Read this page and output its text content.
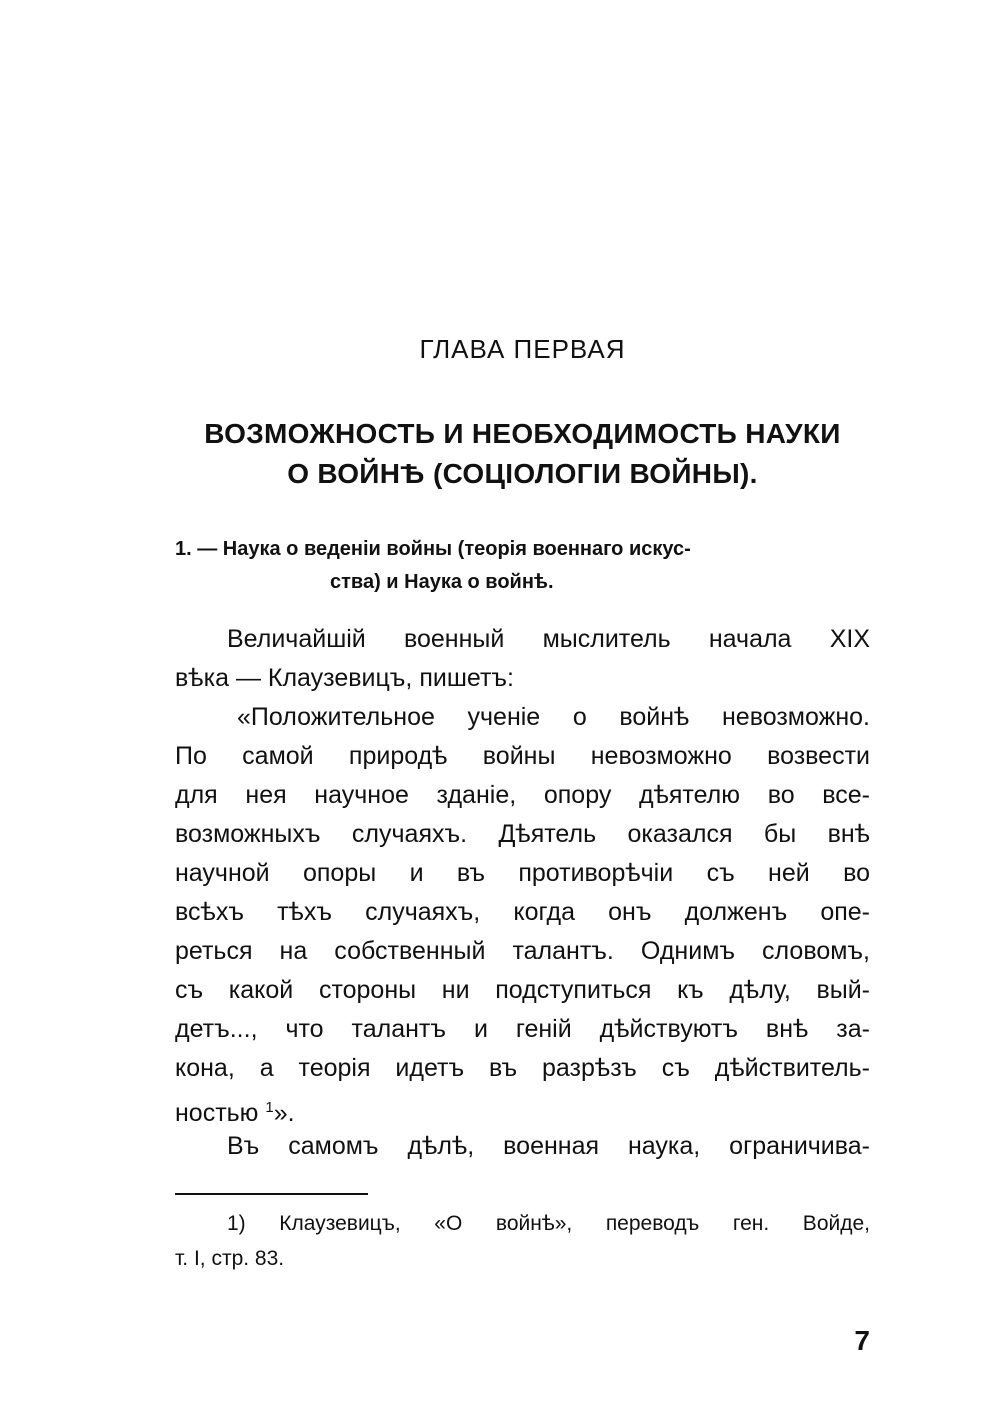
ГЛАВА ПЕРВАЯ
ВОЗМОЖНОСТЬ И НЕОБХОДИМОСТЬ НАУКИ
О ВОЙНѢ (СОЦІОЛОГІИ ВОЙНЫ).
1. — Наука о веденіи войны (теорія военнаго искус-
ства) и Наука о войнѣ.
Величайшій военный мыслитель начала XIX
вѣка — Клаузевицъ, пишетъ:
«Положительное ученіе о войнѣ невозможно.
По самой природѣ войны невозможно возвести
для нея научное зданіе, опору дѣятелю во все-
возможныхъ случаяхъ. Дѣятель оказался бы внѣ
научной опоры и въ противорѣчіи съ ней во
всѣхъ тѣхъ случаяхъ, когда онъ долженъ опе-
реться на собственный талантъ. Однимъ словомъ,
съ какой стороны ни подступиться къ дѣлу, вый-
детъ..., что талантъ и геній дѣйствуютъ внѣ за-
кона, а теорія идетъ въ разрѣзъ съ дѣйствитель-
ностью $^1$».
Въ самомъ дѣлѣ, военная наука, ограничива-
1) Клаузевицъ, «О войнѣ», переводъ ген. Войде,
т. I, стр. 83.
7
